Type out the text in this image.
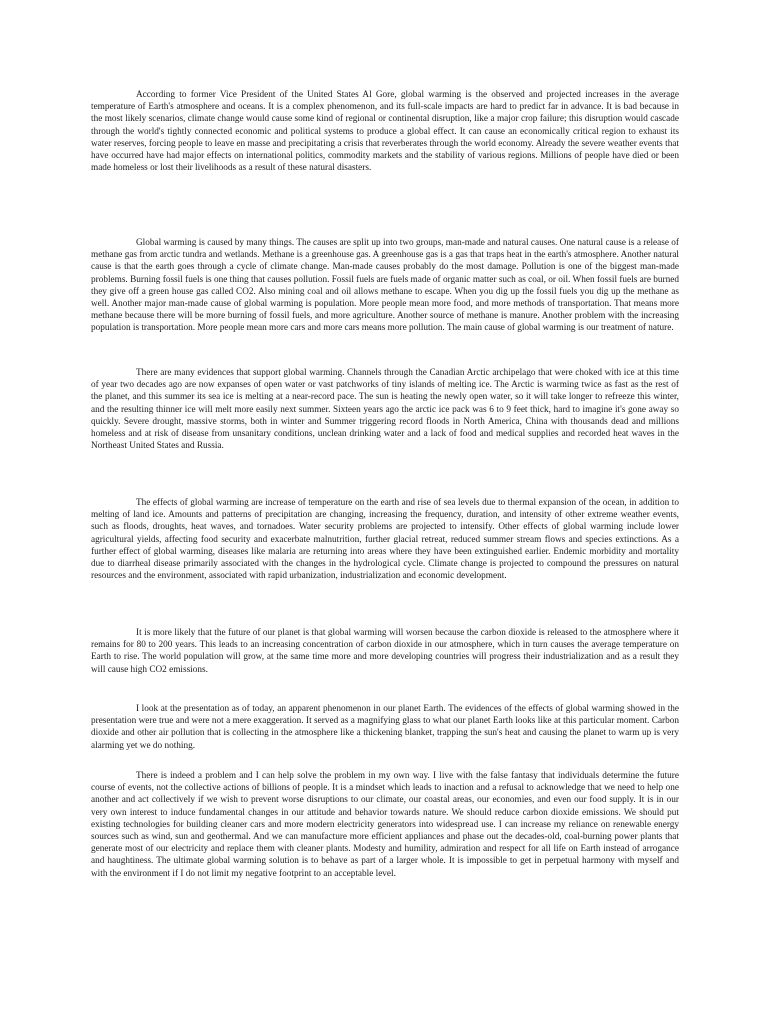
According to former Vice President of the United States Al Gore, global warming is the observed and projected increases in the average temperature of Earth's atmosphere and oceans. It is a complex phenomenon, and its full-scale impacts are hard to predict far in advance. It is bad because in the most likely scenarios, climate change would cause some kind of regional or continental disruption, like a major crop failure; this disruption would cascade through the world's tightly connected economic and political systems to produce a global effect. It can cause an economically critical region to exhaust its water reserves, forcing people to leave en masse and precipitating a crisis that reverberates through the world economy. Already the severe weather events that have occurred have had major effects on international politics, commodity markets and the stability of various regions. Millions of people have died or been made homeless or lost their livelihoods as a result of these natural disasters.

Global warming is caused by many things. The causes are split up into two groups, man-made and natural causes. One natural cause is a release of methane gas from arctic tundra and wetlands. Methane is a greenhouse gas. A greenhouse gas is a gas that traps heat in the earth's atmosphere. Another natural cause is that the earth goes through a cycle of climate change. Man-made causes probably do the most damage. Pollution is one of the biggest man-made problems. Burning fossil fuels is one thing that causes pollution. Fossil fuels are fuels made of organic matter such as coal, or oil. When fossil fuels are burned they give off a green house gas called CO2. Also mining coal and oil allows methane to escape. When you dig up the fossil fuels you dig up the methane as well. Another major man-made cause of global warming is population. More people mean more food, and more methods of transportation. That means more methane because there will be more burning of fossil fuels, and more agriculture. Another source of methane is manure. Another problem with the increasing population is transportation. More people mean more cars and more cars means more pollution. The main cause of global warming is our treatment of nature.

There are many evidences that support global warming. Channels through the Canadian Arctic archipelago that were choked with ice at this time of year two decades ago are now expanses of open water or vast patchworks of tiny islands of melting ice. The Arctic is warming twice as fast as the rest of the planet, and this summer its sea ice is melting at a near-record pace. The sun is heating the newly open water, so it will take longer to refreeze this winter, and the resulting thinner ice will melt more easily next summer. Sixteen years ago the arctic ice pack was 6 to 9 feet thick, hard to imagine it's gone away so quickly. Severe drought, massive storms, both in winter and Summer triggering record floods in North America, China with thousands dead and millions homeless and at risk of disease from unsanitary conditions, unclean drinking water and a lack of food and medical supplies and recorded heat waves in the Northeast United States and Russia.

The effects of global warming are increase of temperature on the earth and rise of sea levels due to thermal expansion of the ocean, in addition to melting of land ice. Amounts and patterns of precipitation are changing, increasing the frequency, duration, and intensity of other extreme weather events, such as floods, droughts, heat waves, and tornadoes. Water security problems are projected to intensify. Other effects of global warming include lower agricultural yields, affecting food security and exacerbate malnutrition, further glacial retreat, reduced summer stream flows and species extinctions. As a further effect of global warming, diseases like malaria are returning into areas where they have been extinguished earlier. Endemic morbidity and mortality due to diarrheal disease primarily associated with the changes in the hydrological cycle. Climate change is projected to compound the pressures on natural resources and the environment, associated with rapid urbanization, industrialization and economic development.

It is more likely that the future of our planet is that global warming will worsen because the carbon dioxide is released to the atmosphere where it remains for 80 to 200 years. This leads to an increasing concentration of carbon dioxide in our atmosphere, which in turn causes the average temperature on Earth to rise. The world population will grow, at the same time more and more developing countries will progress their industrialization and as a result they will cause high CO2 emissions.

I look at the presentation as of today, an apparent phenomenon in our planet Earth. The evidences of the effects of global warming showed in the presentation were true and were not a mere exaggeration. It served as a magnifying glass to what our planet Earth looks like at this particular moment. Carbon dioxide and other air pollution that is collecting in the atmosphere like a thickening blanket, trapping the sun's heat and causing the planet to warm up is very alarming yet we do nothing.

There is indeed a problem and I can help solve the problem in my own way. I live with the false fantasy that individuals determine the future course of events, not the collective actions of billions of people. It is a mindset which leads to inaction and a refusal to acknowledge that we need to help one another and act collectively if we wish to prevent worse disruptions to our climate, our coastal areas, our economies, and even our food supply. It is in our very own interest to induce fundamental changes in our attitude and behavior towards nature. We should reduce carbon dioxide emissions. We should put existing technologies for building cleaner cars and more modern electricity generators into widespread use. I can increase my reliance on renewable energy sources such as wind, sun and geothermal. And we can manufacture more efficient appliances and phase out the decades-old, coal-burning power plants that generate most of our electricity and replace them with cleaner plants. Modesty and humility, admiration and respect for all life on Earth instead of arrogance and haughtiness. The ultimate global warming solution is to behave as part of a larger whole. It is impossible to get in perpetual harmony with myself and with the environment if I do not limit my negative footprint to an acceptable level.
